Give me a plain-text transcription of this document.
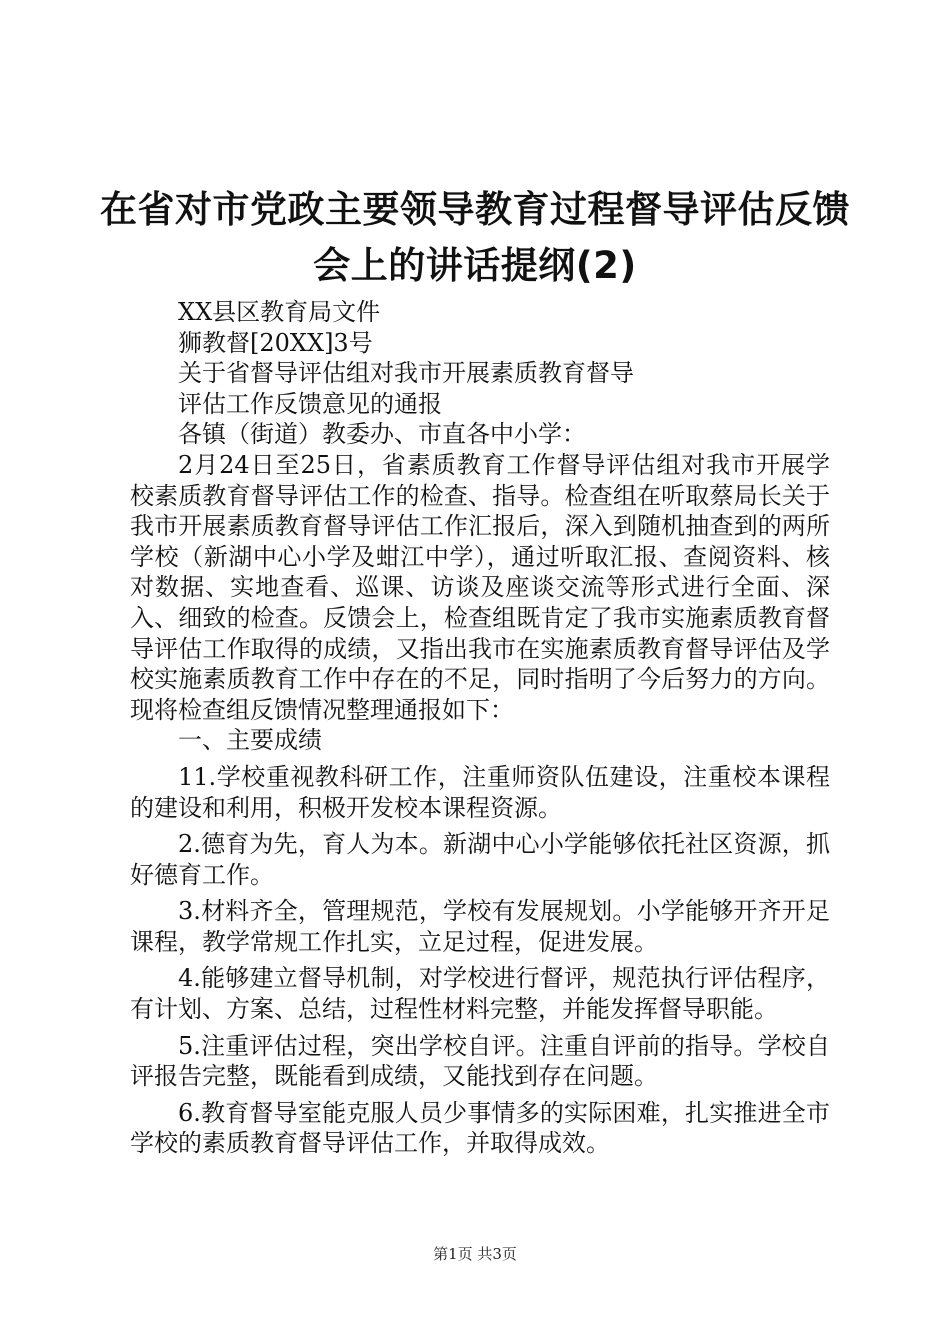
在省对市党政主要领导教育过程督导评估反馈
会上的讲话提纲(2)

XX县区教育局文件

狮教督[20XX]3号

关于省督导评估组对我市开展素质教育督导

评估工作反馈意见的通报

各镇（街道）教委办、市直各中小学：

2月24日至25日，省素质教育工作督导评估组对我市开展学校素质教育督导评估工作的检查、指导。检查组在听取蔡局长关于我市开展素质教育督导评估工作汇报后，深入到随机抽查到的两所学校（新湖中心小学及蚶江中学），通过听取汇报、查阅资料、核对数据、实地查看、巡课、访谈及座谈交流等形式进行全面、深入、细致的检查。反馈会上，检查组既肯定了我市实施素质教育督导评估工作取得的成绩，又指出我市在实施素质教育督导评估及学校实施素质教育工作中存在的不足，同时指明了今后努力的方向。现将检查组反馈情况整理通报如下：

一、主要成绩

11.学校重视教科研工作，注重师资队伍建设，注重校本课程的建设和利用，积极开发校本课程资源。

2.德育为先，育人为本。新湖中心小学能够依托社区资源，抓好德育工作。

3.材料齐全，管理规范，学校有发展规划。小学能够开齐开足课程，教学常规工作扎实，立足过程，促进发展。

4.能够建立督导机制，对学校进行督评，规范执行评估程序，有计划、方案、总结，过程性材料完整，并能发挥督导职能。

5.注重评估过程，突出学校自评。注重自评前的指导。学校自评报告完整，既能看到成绩，又能找到存在问题。

6.教育督导室能克服人员少事情多的实际困难，扎实推进全市学校的素质教育督导评估工作，并取得成效。

第1页 共3页
